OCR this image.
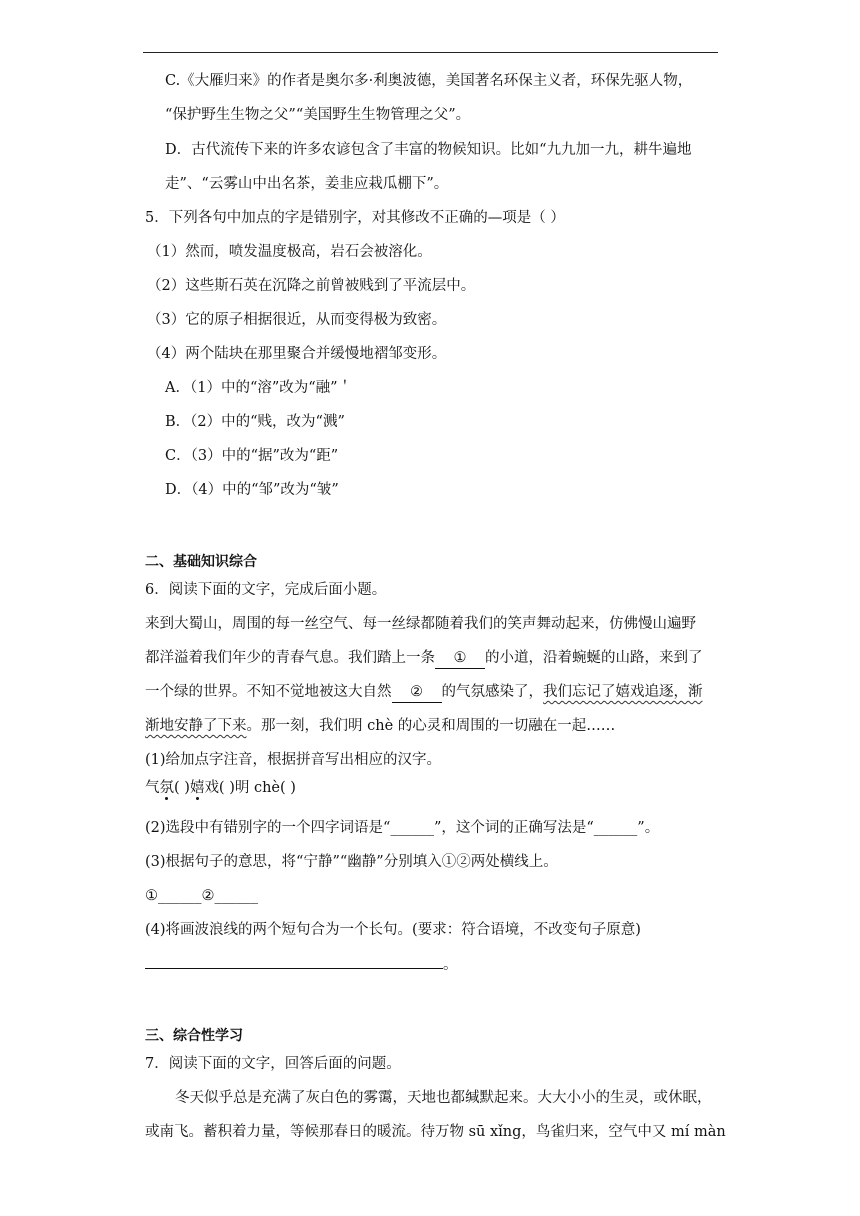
C.《大雁归来》的作者是奥尔多·利奥波德，美国著名环保主义者，环保先驱人物，
“保护野生生物之父”“美国野生生物管理之父”。
D．古代流传下来的许多农谚包含了丰富的物候知识。比如“九九加一九，耕牛遍地
走”、“云雾山中出名茶，姜韭应栽瓜棚下”。
5．下列各句中加点的字是错别字，对其修改不正确的—项是（ ）
（1）然而，喷发温度极高，岩石会被溶化。
（2）这些斯石英在沉降之前曾被贱到了平流层中。
（3）它的原子相据很近，从而变得极为致密。
（4）两个陆块在那里聚合并缓慢地褶邹变形。
A．（1）中的“溶”改为“融”＇
B．（2）中的“贱，改为“溅”
C．（3）中的“据”改为“距”
D．（4）中的“邹”改为“皱”
二、基础知识综合
6．阅读下面的文字，完成后面小题。
来到大蜀山，周围的每一丝空气、每一丝绿都随着我们的笑声舞动起来，仿佛慢山遍野
都洋溢着我们年少的青春气息。我们踏上一条 ① 的小道，沿着蜿蜒的山路，来到了
一个绿的世界。不知不觉地被这大自然 ② 的气氛感染了，我们忘记了嬉戏追逐，渐
渐地安静了下来。那一刻，我们明 chè 的心灵和周围的一切融在一起……
(1)给加点字注音，根据拼音写出相应的汉字。
气氛( )嬉戏( )明 chè( )
(2)选段中有错别字的一个四字词语是“______”，这个词的正确写法是“______”。
(3)根据句子的意思，将“宁静”“幽静”分别填入①②两处横线上。
①______②______
(4)将画波浪线的两个短句合为一个长句。(要求：符合语境，不改变句子原意)
。
三、综合性学习
7．阅读下面的文字，回答后面的问题。
冬天似乎总是充满了灰白色的雾霭，天地也都缄默起来。大大小小的生灵，或休眠，
或南飞。蓄积着力量，等候那春日的暖流。待万物 sū xǐng，鸟雀归来，空气中又 mí màn
